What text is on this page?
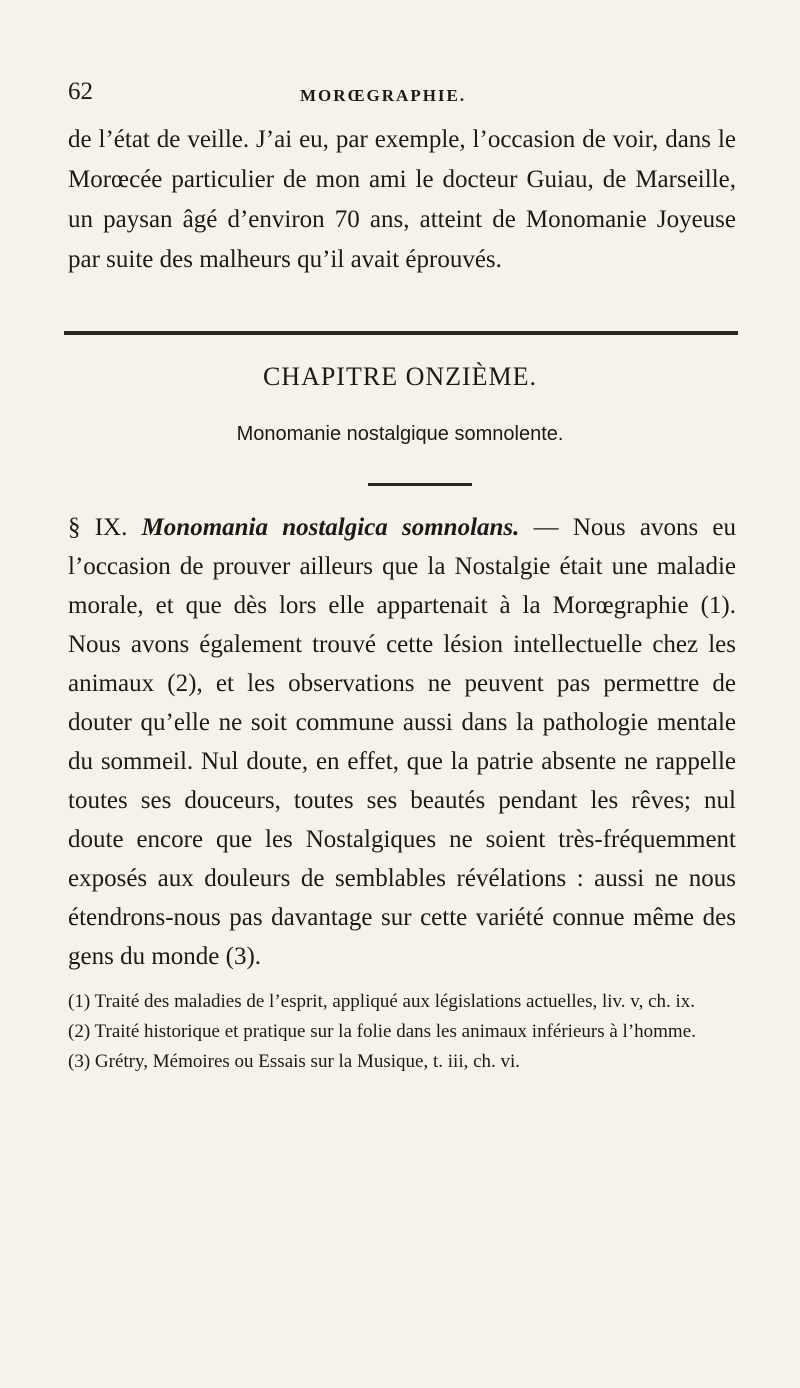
62	MORŒGRAPHIE.

de l’état de veille. J’ai eu, par exemple, l’occasion de voir, dans le Morœcée particulier de mon ami le docteur Guiau, de Marseille, un paysan âgé d’environ 70 ans, atteint de Monomanie Joyeuse par suite des malheurs qu’il avait éprouvés.

CHAPITRE ONZIÈME.
Monomanie nostalgique somnolente.

§ IX. Monomania nostalgica somnolans. — Nous avons eu l’occasion de prouver ailleurs que la Nostalgie était une maladie morale, et que dès lors elle appartenait à la Morœgraphie (1). Nous avons également trouvé cette lésion intellectuelle chez les animaux (2), et les observations ne peuvent pas permettre de douter qu’elle ne soit commune aussi dans la pathologie mentale du sommeil. Nul doute, en effet, que la patrie absente ne rappelle toutes ses douceurs, toutes ses beautés pendant les rêves; nul doute encore que les Nostalgiques ne soient très-fréquemment exposés aux douleurs de semblables révélations : aussi ne nous étendrons-nous pas davantage sur cette variété connue même des gens du monde (3).

(1) Traité des maladies de l’esprit, appliqué aux législations actuelles, liv. v, ch. ix.

(2) Traité historique et pratique sur la folie dans les animaux inférieurs à l’homme.

(3) Grétry, Mémoires ou Essais sur la Musique, t. iii, ch. vi.
